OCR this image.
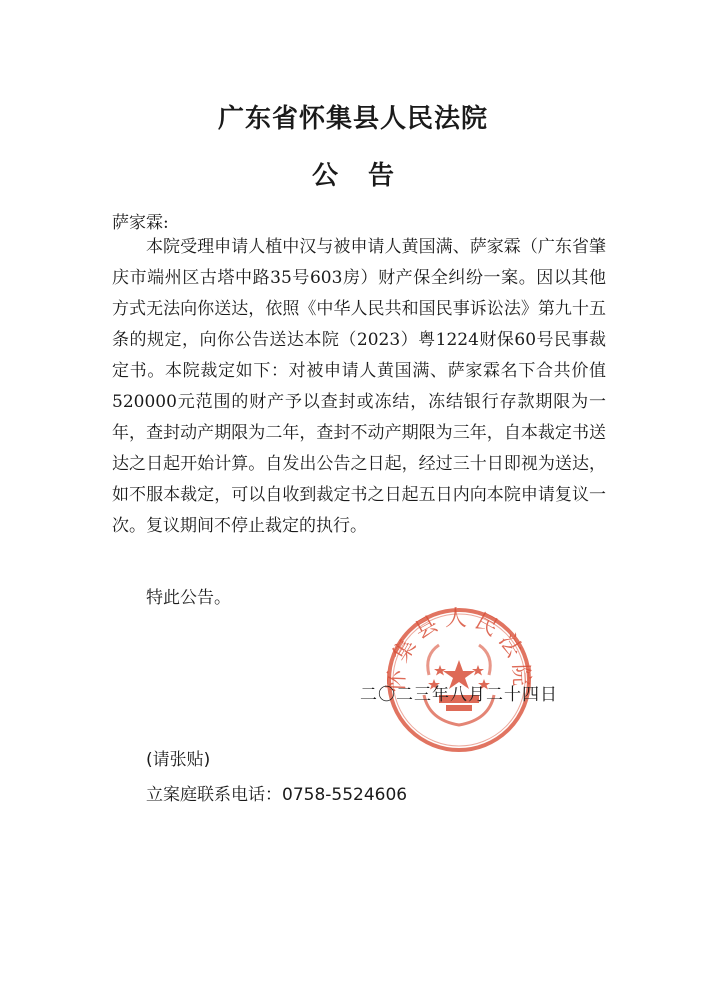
广东省怀集县人民法院
公告
萨家霖:

本院受理申请人植中汉与被申请人黄国满、萨家霖（广东省肇庆市端州区古塔中路35号603房）财产保全纠纷一案。因以其他方式无法向你送达，依照《中华人民共和国民事诉讼法》第九十五条的规定，向你公告送达本院（2023）粤1224财保60号民事裁定书。本院裁定如下：对被申请人黄国满、萨家霖名下合共价值520000元范围的财产予以查封或冻结，冻结银行存款期限为一年，查封动产期限为二年，查封不动产期限为三年，自本裁定书送达之日起开始计算。自发出公告之日起，经过三十日即视为送达，如不服本裁定，可以自收到裁定书之日起五日内向本院申请复议一次。复议期间不停止裁定的执行。

特此公告。
怀集县人民法院
二〇二三年八月二十四日
(请张贴)
立案庭联系电话：0758-5524606
